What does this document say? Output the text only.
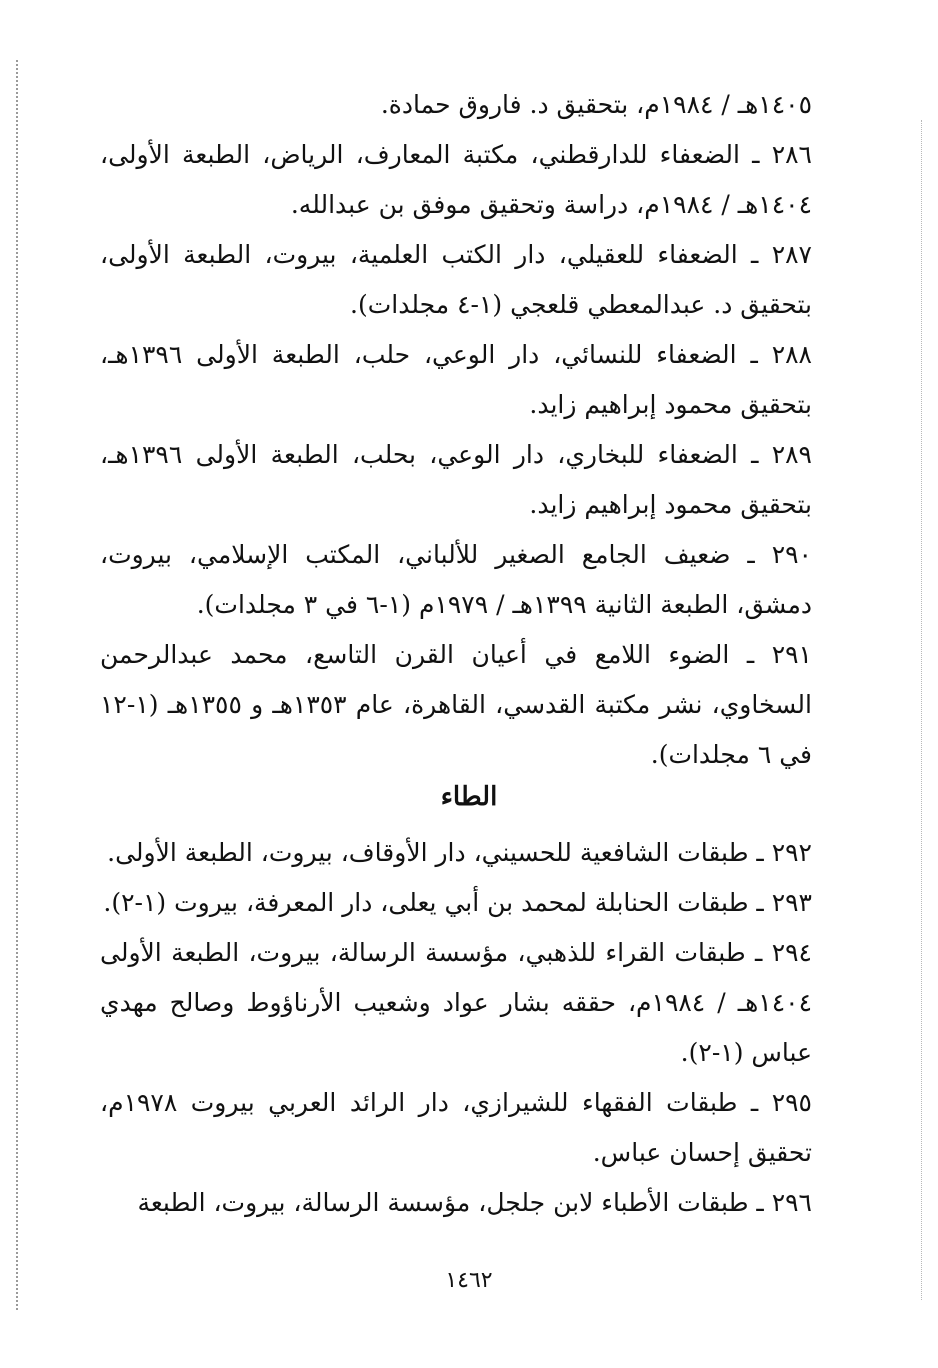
١٤٠٥هـ / ١٩٨٤م، بتحقيق د. فاروق حمادة.

٢٨٦ ـ الضعفاء للدارقطني، مكتبة المعارف، الرياض، الطبعة الأولى، ١٤٠٤هـ / ١٩٨٤م، دراسة وتحقيق موفق بن عبدالله.

٢٨٧ ـ الضعفاء للعقيلي، دار الكتب العلمية، بيروت، الطبعة الأولى، بتحقيق د. عبدالمعطي قلعجي (١-٤ مجلدات).

٢٨٨ ـ الضعفاء للنسائي، دار الوعي، حلب، الطبعة الأولى ١٣٩٦هـ، بتحقيق محمود إبراهيم زايد.

٢٨٩ ـ الضعفاء للبخاري، دار الوعي، بحلب، الطبعة الأولى ١٣٩٦هـ، بتحقيق محمود إبراهيم زايد.

٢٩٠ ـ ضعيف الجامع الصغير للألباني، المكتب الإسلامي، بيروت، دمشق، الطبعة الثانية ١٣٩٩هـ / ١٩٧٩م (١-٦ في ٣ مجلدات).

٢٩١ ـ الضوء اللامع في أعيان القرن التاسع، محمد عبدالرحمن السخاوي، نشر مكتبة القدسي، القاهرة، عام ١٣٥٣هـ و ١٣٥٥هـ (١-١٢ في ٦ مجلدات).

الطاء

٢٩٢ ـ طبقات الشافعية للحسيني، دار الأوقاف، بيروت، الطبعة الأولى.

٢٩٣ ـ طبقات الحنابلة لمحمد بن أبي يعلى، دار المعرفة، بيروت (١-٢).

٢٩٤ ـ طبقات القراء للذهبي، مؤسسة الرسالة، بيروت، الطبعة الأولى ١٤٠٤هـ / ١٩٨٤م، حققه بشار عواد وشعيب الأرناؤوط وصالح مهدي عباس (١-٢).

٢٩٥ ـ طبقات الفقهاء للشيرازي، دار الرائد العربي بيروت ١٩٧٨م، تحقيق إحسان عباس.

٢٩٦ ـ طبقات الأطباء لابن جلجل، مؤسسة الرسالة، بيروت، الطبعة

١٤٦٢
